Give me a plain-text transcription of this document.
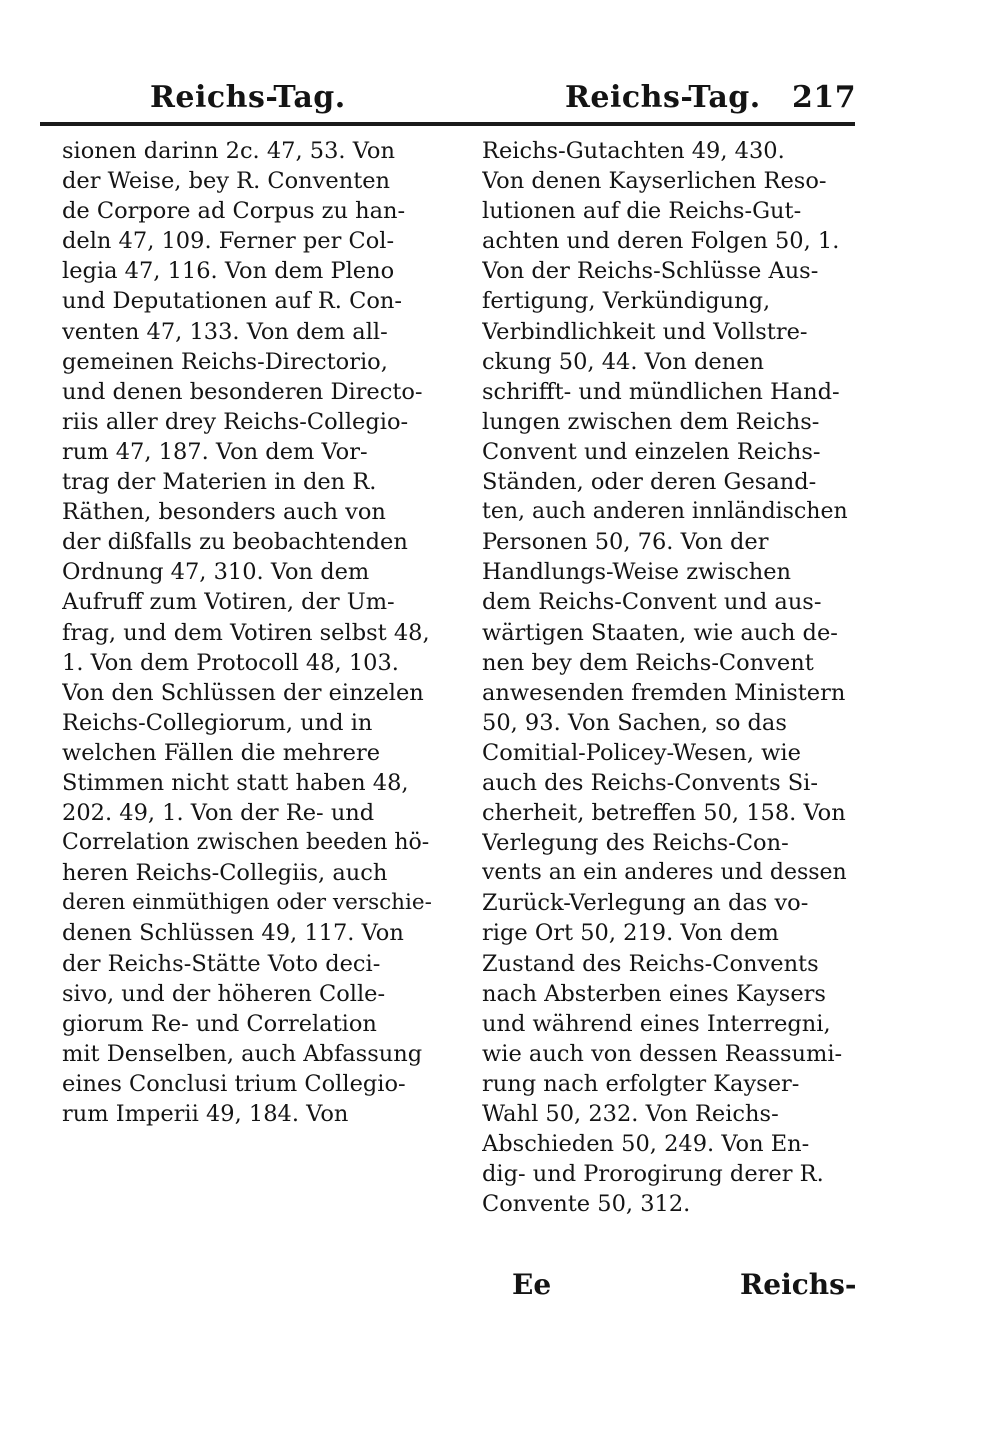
Reichs-Tag.	Reichs-Tag. 217
sionen darinn 2c. 47, 53. Von
der Weise, bey R. Conventen
de Corpore ad Corpus zu han-
deln 47, 109. Ferner per Col-
legia 47, 116. Von dem Pleno
und Deputationen auf R. Con-
venten 47, 133. Von dem all-
gemeinen Reichs-Directorio,
und denen besonderen Directo-
riis aller drey Reichs-Collegio-
rum 47, 187. Von dem Vor-
trag der Materien in den R.
Räthen, besonders auch von
der dißfalls zu beobachtenden
Ordnung 47, 310. Von dem
Aufruff zum Votiren, der Um-
frag, und dem Votiren selbst 48,
1. Von dem Protocoll 48, 103.
Von den Schlüssen der einzelen
Reichs-Collegiorum, und in
welchen Fällen die mehrere
Stimmen nicht statt haben 48,
202. 49, 1. Von der Re- und
Correlation zwischen beeden hö-
heren Reichs-Collegiis, auch
deren einmüthigen oder verschie-
denen Schlüssen 49, 117. Von
der Reichs-Stätte Voto deci-
sivo, und der höheren Colle-
giorum Re- und Correlation
mit Denselben, auch Abfassung
eines Conclusi trium Collegio-
rum Imperii 49, 184. Von
Reichs-Gutachten 49, 430.
Von denen Kayserlichen Reso-
lutionen auf die Reichs-Gut-
achten und deren Folgen 50, 1.
Von der Reichs-Schlüsse Aus-
fertigung, Verkündigung,
Verbindlichkeit und Vollstre-
ckung 50, 44. Von denen
schrifft- und mündlichen Hand-
lungen zwischen dem Reichs-
Convent und einzelen Reichs-
Ständen, oder deren Gesand-
ten, auch anderen innländischen
Personen 50, 76. Von der
Handlungs-Weise zwischen
dem Reichs-Convent und aus-
wärtigen Staaten, wie auch de-
nen bey dem Reichs-Convent
anwesenden fremden Ministern
50, 93. Von Sachen, so das
Comitial-Policey-Wesen, wie
auch des Reichs-Convents Si-
cherheit, betreffen 50, 158. Von
Verlegung des Reichs-Con-
vents an ein anderes und dessen
Zurück-Verlegung an das vo-
rige Ort 50, 219. Von dem
Zustand des Reichs-Convents
nach Absterben eines Kaysers
und während eines Interregni,
wie auch von dessen Reassumi-
rung nach erfolgter Kayser-
Wahl 50, 232. Von Reichs-
Abschieden 50, 249. Von En-
dig- und Prorogirung derer R.
Convente 50, 312.
Ee	Reichs-
